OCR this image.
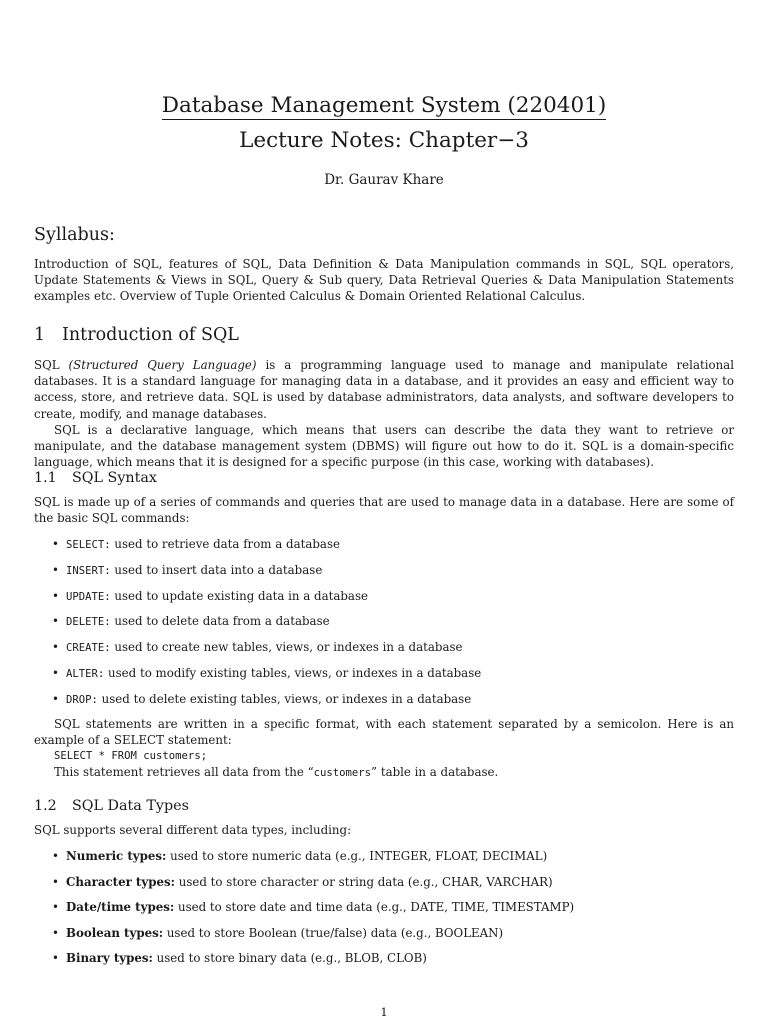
Database Management System (220401)
Lecture Notes: Chapter−3
Dr. Gaurav Khare
Syllabus:
Introduction of SQL, features of SQL, Data Definition & Data Manipulation commands in SQL, SQL operators, Update Statements & Views in SQL, Query & Sub query, Data Retrieval Queries & Data Manipulation Statements examples etc. Overview of Tuple Oriented Calculus & Domain Oriented Relational Calculus.
1 Introduction of SQL
SQL (Structured Query Language) is a programming language used to manage and manipulate relational databases. It is a standard language for managing data in a database, and it provides an easy and efficient way to access, store, and retrieve data. SQL is used by database administrators, data analysts, and software developers to create, modify, and manage databases.
SQL is a declarative language, which means that users can describe the data they want to retrieve or manipulate, and the database management system (DBMS) will figure out how to do it. SQL is a domain-specific language, which means that it is designed for a specific purpose (in this case, working with databases).
1.1 SQL Syntax
SQL is made up of a series of commands and queries that are used to manage data in a database. Here are some of the basic SQL commands:
• SELECT: used to retrieve data from a database
• INSERT: used to insert data into a database
• UPDATE: used to update existing data in a database
• DELETE: used to delete data from a database
• CREATE: used to create new tables, views, or indexes in a database
• ALTER: used to modify existing tables, views, or indexes in a database
• DROP: used to delete existing tables, views, or indexes in a database
SQL statements are written in a specific format, with each statement separated by a semicolon. Here is an example of a SELECT statement:
SELECT * FROM customers;
This statement retrieves all data from the “customers” table in a database.
1.2 SQL Data Types
SQL supports several different data types, including:
• Numeric types: used to store numeric data (e.g., INTEGER, FLOAT, DECIMAL)
• Character types: used to store character or string data (e.g., CHAR, VARCHAR)
• Date/time types: used to store date and time data (e.g., DATE, TIME, TIMESTAMP)
• Boolean types: used to store Boolean (true/false) data (e.g., BOOLEAN)
• Binary types: used to store binary data (e.g., BLOB, CLOB)
1
